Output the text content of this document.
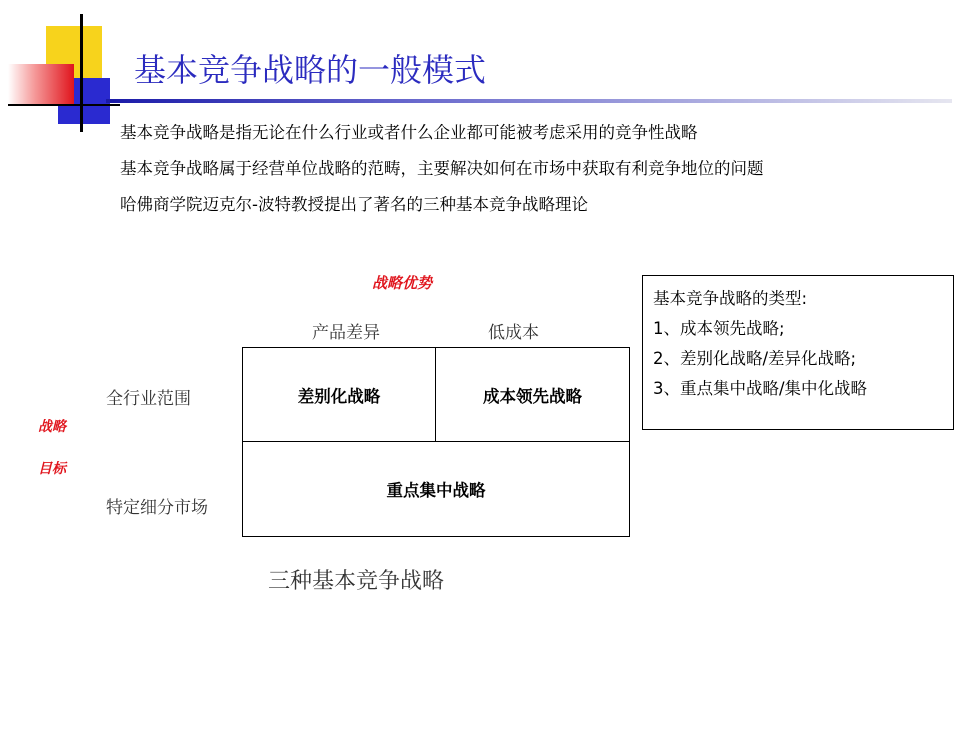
基本竞争战略的一般模式

基本竞争战略是指无论在什么行业或者什么企业都可能被考虑采用的竞争性战略

基本竞争战略属于经营单位战略的范畴，主要解决如何在市场中获取有利竞争地位的问题

哈佛商学院迈克尔-波特教授提出了著名的三种基本竞争战略理论

战略优势
产品差异	低成本
战略
目标
全行业范围
特定细分市场
差别化战略	成本领先战略
重点集中战略
三种基本竞争战略
基本竞争战略的类型:
1、成本领先战略;
2、差别化战略/差异化战略;
3、重点集中战略/集中化战略
